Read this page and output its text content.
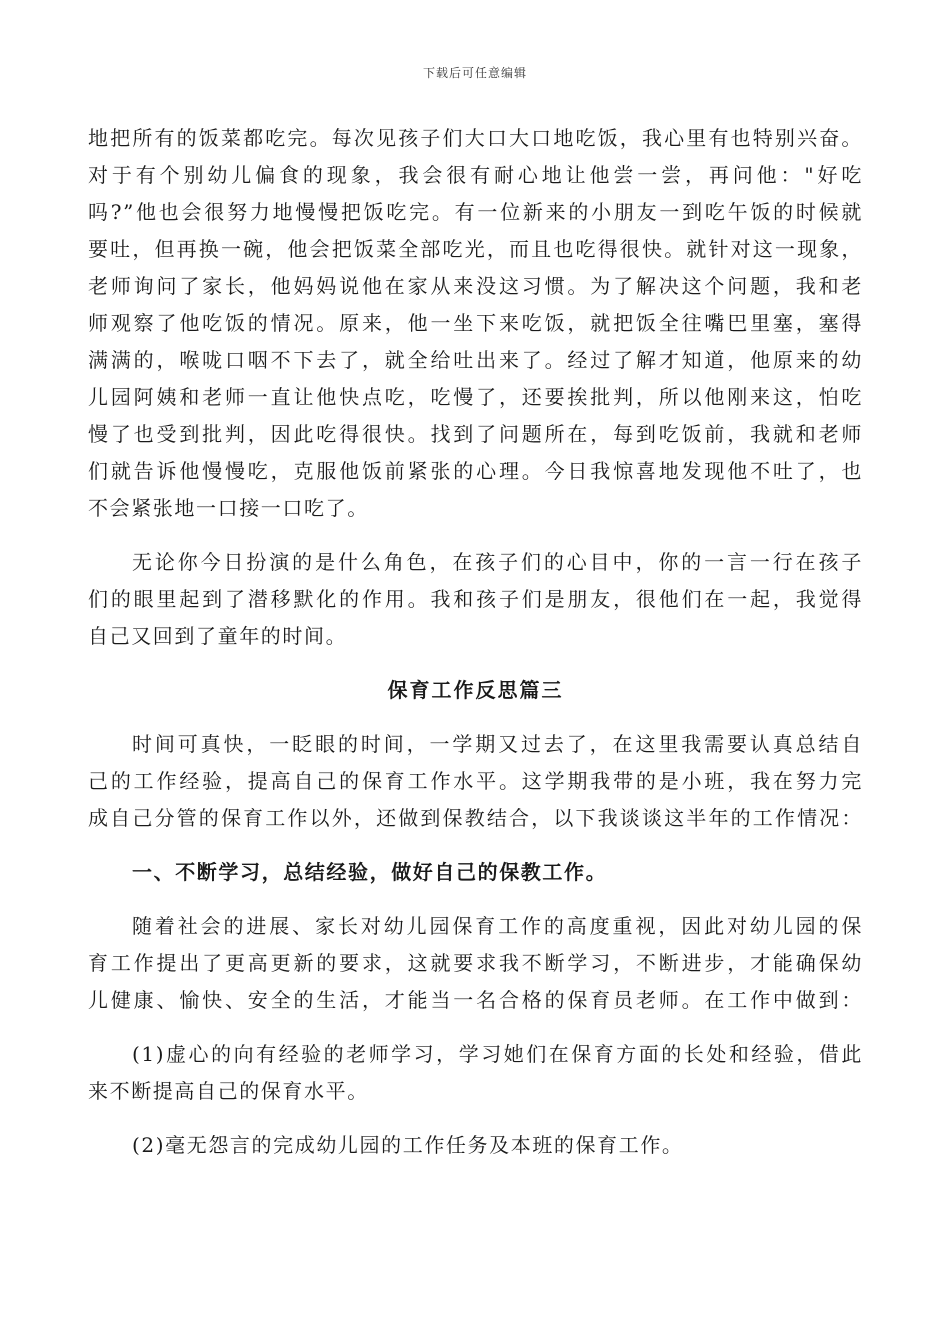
下载后可任意编辑
地把所有的饭菜都吃完。每次见孩子们大口大口地吃饭，我心里有也特别兴奋。
对于有个别幼儿偏食的现象，我会很有耐心地让他尝一尝，再问他："好吃
吗?”他也会很努力地慢慢把饭吃完。有一位新来的小朋友一到吃午饭的时候就
要吐，但再换一碗，他会把饭菜全部吃光，而且也吃得很快。就针对这一现象，
老师询问了家长，他妈妈说他在家从来没这习惯。为了解决这个问题，我和老
师观察了他吃饭的情况。原来，他一坐下来吃饭，就把饭全往嘴巴里塞，塞得
满满的，喉咙口咽不下去了，就全给吐出来了。经过了解才知道，他原来的幼
儿园阿姨和老师一直让他快点吃，吃慢了，还要挨批判，所以他刚来这，怕吃
慢了也受到批判，因此吃得很快。找到了问题所在，每到吃饭前，我就和老师
们就告诉他慢慢吃，克服他饭前紧张的心理。今日我惊喜地发现他不吐了，也
不会紧张地一口接一口吃了。
无论你今日扮演的是什么角色，在孩子们的心目中，你的一言一行在孩子
们的眼里起到了潜移默化的作用。我和孩子们是朋友，很他们在一起，我觉得
自己又回到了童年的时间。
保育工作反思篇三
时间可真快，一眨眼的时间，一学期又过去了，在这里我需要认真总结自
己的工作经验，提高自己的保育工作水平。这学期我带的是小班，我在努力完
成自己分管的保育工作以外，还做到保教结合，以下我谈谈这半年的工作情况：
一、不断学习，总结经验，做好自己的保教工作。
随着社会的进展、家长对幼儿园保育工作的高度重视，因此对幼儿园的保
育工作提出了更高更新的要求，这就要求我不断学习，不断进步，才能确保幼
儿健康、愉快、安全的生活，才能当一名合格的保育员老师。在工作中做到：
(1)虚心的向有经验的老师学习，学习她们在保育方面的长处和经验，借此
来不断提高自己的保育水平。
(2)毫无怨言的完成幼儿园的工作任务及本班的保育工作。
